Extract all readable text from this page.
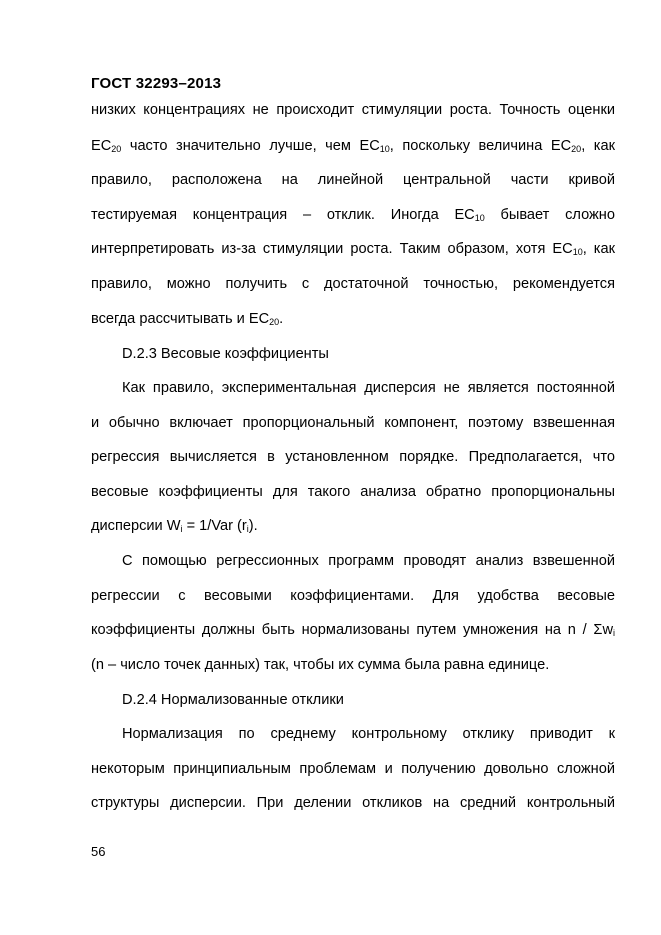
ГОСТ 32293–2013
низких концентрациях не происходит стимуляции роста. Точность оценки
$EC_{20}$ часто значительно лучше, чем $EC_{10}$, поскольку величина $EC_{20}$, как
правило, расположена на линейной центральной части кривой
тестируемая концентрация – отклик. Иногда $EC_{10}$ бывает сложно
интерпретировать из-за стимуляции роста. Таким образом, хотя $EC_{10}$, как
правило, можно получить с достаточной точностью, рекомендуется
всегда рассчитывать и $EC_{20}$.
D.2.3 Весовые коэффициенты
Как правило, экспериментальная дисперсия не является постоянной
и обычно включает пропорциональный компонент, поэтому взвешенная
регрессия вычисляется в установленном порядке. Предполагается, что
весовые коэффициенты для такого анализа обратно пропорциональны
дисперсии $W_i = 1/Var$ $(r_i)$.
С помощью регрессионных программ проводят анализ взвешенной
регрессии с весовыми коэффициентами. Для удобства весовые
коэффициенты должны быть нормализованы путем умножения на n / $\Sigma w_i$
(n – число точек данных) так, чтобы их сумма была равна единице.
D.2.4 Нормализованные отклики
Нормализация по среднему контрольному отклику приводит к
некоторым принципиальным проблемам и получению довольно сложной
структуры дисперсии. При делении откликов на средний контрольный
56
